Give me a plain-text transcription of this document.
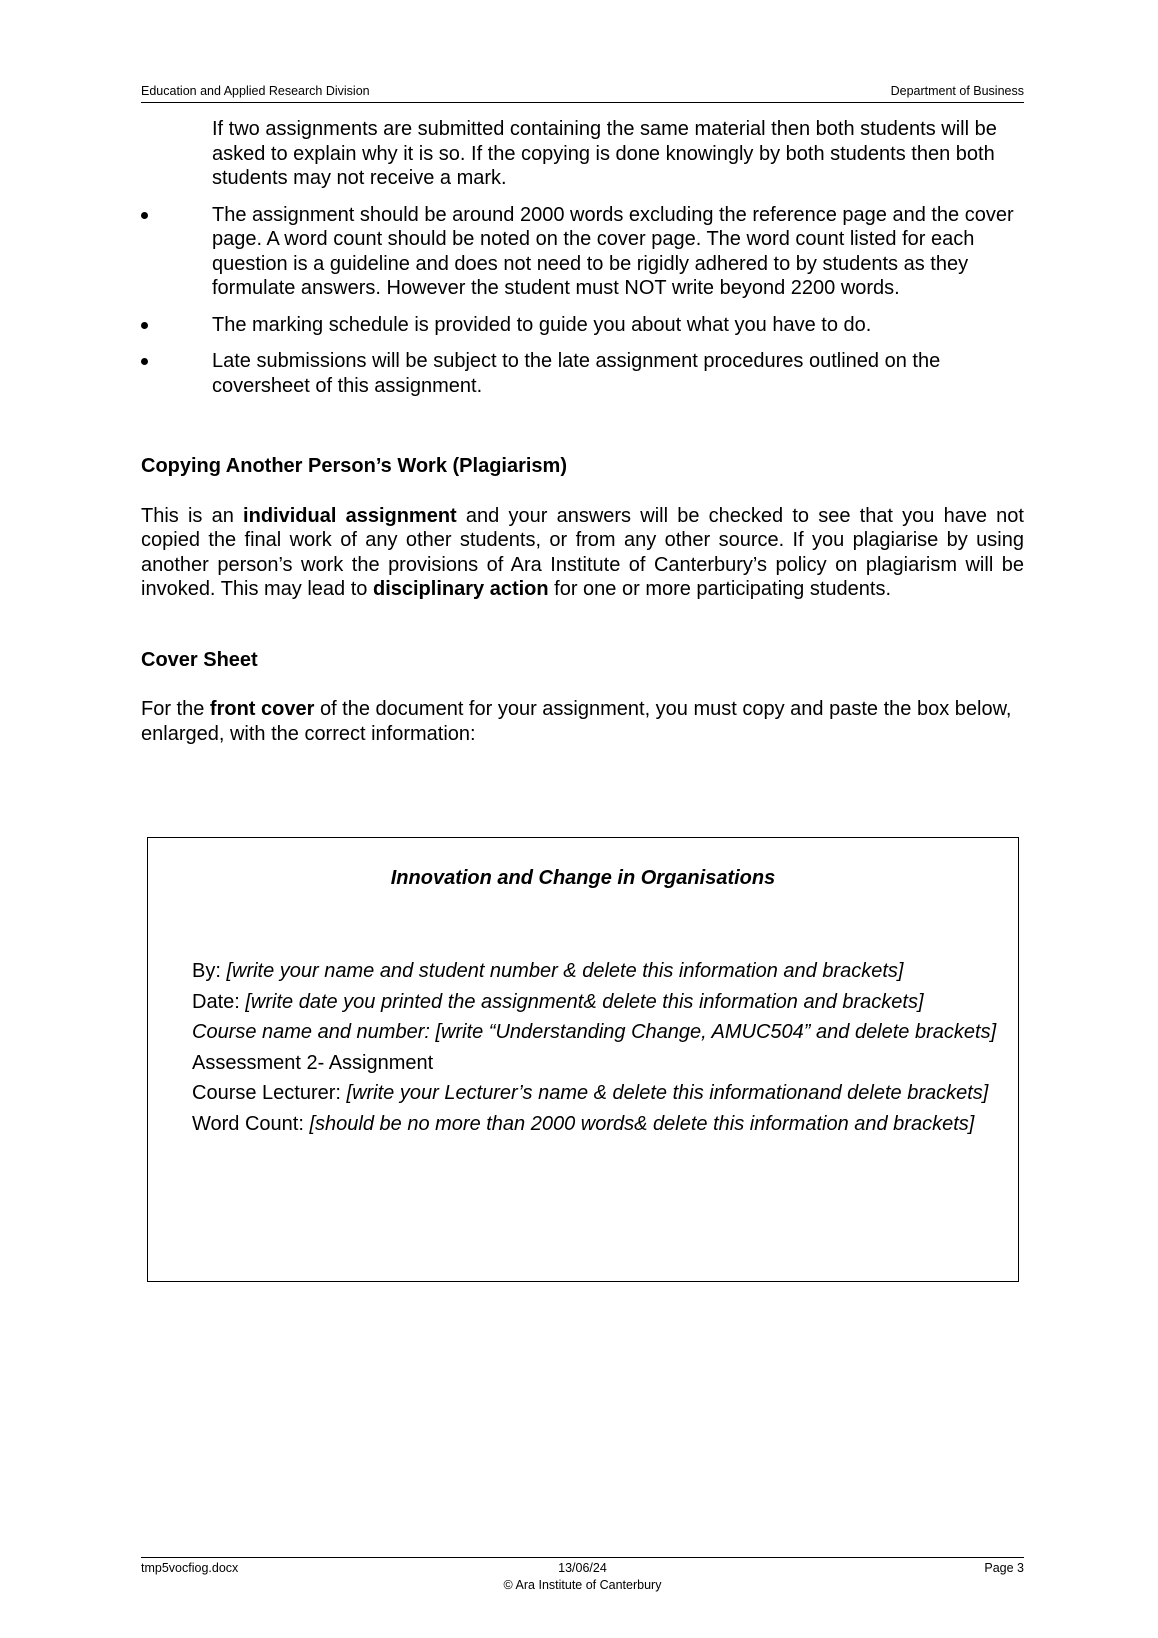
Education and Applied Research Division	Department of Business

If two assignments are submitted containing the same material then both students will be asked to explain why it is so. If the copying is done knowingly by both students then both students may not receive a mark.

The assignment should be around 2000 words excluding the reference page and the cover page. A word count should be noted on the cover page. The word count listed for each question is a guideline and does not need to be rigidly adhered to by students as they formulate answers. However the student must NOT write beyond 2200 words.
The marking schedule is provided to guide you about what you have to do.
Late submissions will be subject to the late assignment procedures outlined on the coversheet of this assignment.
Copying Another Person’s Work (Plagiarism)

This is an individual assignment and your answers will be checked to see that you have not copied the final work of any other students, or from any other source. If you plagiarise by using another person’s work the provisions of Ara Institute of Canterbury’s policy on plagiarism will be invoked. This may lead to disciplinary action for one or more participating students.

Cover Sheet

For the front cover of the document for your assignment, you must copy and paste the box below, enlarged, with the correct information:

Innovation and Change in Organisations
By: [write your name and student number & delete this information and brackets]
Date: [write date you printed the assignment& delete this information and brackets]
Course name and number: [write “Understanding Change, AMUC504” and delete brackets]
Assessment 2- Assignment
Course Lecturer: [write your Lecturer’s name & delete this informationand delete brackets]
Word Count: [should be no more than 2000 words& delete this information and brackets]
tmp5vocfiog.docx	13/06/24
© Ara Institute of Canterbury
Page 3
